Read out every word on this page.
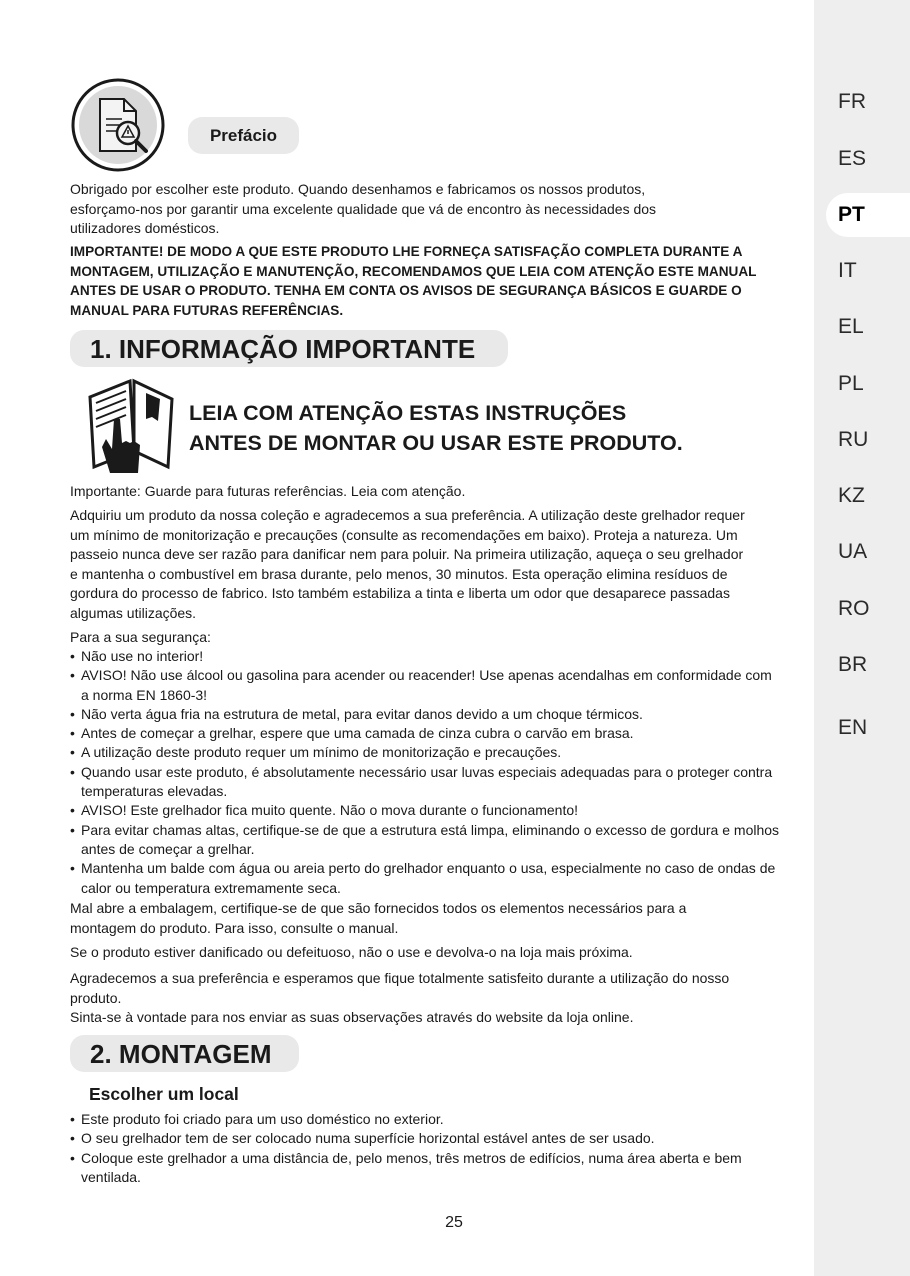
FR
ES
PT
IT
EL
PL
RU
KZ
UA
RO
BR
EN
Prefácio

Obrigado por escolher este produto. Quando desenhamos e fabricamos os nossos produtos, esforçamo-nos por garantir uma excelente qualidade que vá de encontro às necessidades dos utilizadores domésticos.

IMPORTANTE! DE MODO A QUE ESTE PRODUTO LHE FORNEÇA SATISFAÇÃO COMPLETA DURANTE A MONTAGEM, UTILIZAÇÃO E MANUTENÇÃO, RECOMENDAMOS QUE LEIA COM ATENÇÃO ESTE MANUAL ANTES DE USAR O PRODUTO. TENHA EM CONTA OS AVISOS DE SEGURANÇA BÁSICOS E GUARDE O MANUAL PARA FUTURAS REFERÊNCIAS.

1. INFORMAÇÃO IMPORTANTE
LEIA COM ATENÇÃO ESTAS INSTRUÇÕES
ANTES DE MONTAR OU USAR ESTE PRODUTO.

Importante: Guarde para futuras referências. Leia com atenção.

Adquiriu um produto da nossa coleção e agradecemos a sua preferência. A utilização deste grelhador requer um mínimo de monitorização e precauções (consulte as recomendações em baixo). Proteja a natureza. Um passeio nunca deve ser razão para danificar nem para poluir. Na primeira utilização, aqueça o seu grelhador e mantenha o combustível em brasa durante, pelo menos, 30 minutos. Esta operação elimina resíduos de gordura do processo de fabrico. Isto também estabiliza a tinta e liberta um odor que desaparece passadas algumas utilizações.

Para a sua segurança:

• Não use no interior!
• AVISO! Não use álcool ou gasolina para acender ou reacender! Use apenas acendalhas em conformidade com a norma EN 1860-3!
• Não verta água fria na estrutura de metal, para evitar danos devido a um choque térmicos.
• Antes de começar a grelhar, espere que uma camada de cinza cubra o carvão em brasa.
• A utilização deste produto requer um mínimo de monitorização e precauções.
• Quando usar este produto, é absolutamente necessário usar luvas especiais adequadas para o proteger contra temperaturas elevadas.
• AVISO! Este grelhador fica muito quente. Não o mova durante o funcionamento!
• Para evitar chamas altas, certifique-se de que a estrutura está limpa, eliminando o excesso de gordura e molhos antes de começar a grelhar.
• Mantenha um balde com água ou areia perto do grelhador enquanto o usa, especialmente no caso de ondas de calor ou temperatura extremamente seca.

Mal abre a embalagem, certifique-se de que são fornecidos todos os elementos necessários para a montagem do produto. Para isso, consulte o manual.

Se o produto estiver danificado ou defeituoso, não o use e devolva-o na loja mais próxima.

Agradecemos a sua preferência e esperamos que fique totalmente satisfeito durante a utilização do nosso produto.

Sinta-se à vontade para nos enviar as suas observações através do website da loja online.

2. MONTAGEM
Escolher um local
• Este produto foi criado para um uso doméstico no exterior.
• O seu grelhador tem de ser colocado numa superfície horizontal estável antes de ser usado.
• Coloque este grelhador a uma distância de, pelo menos, três metros de edifícios, numa área aberta e bem ventilada.
25
